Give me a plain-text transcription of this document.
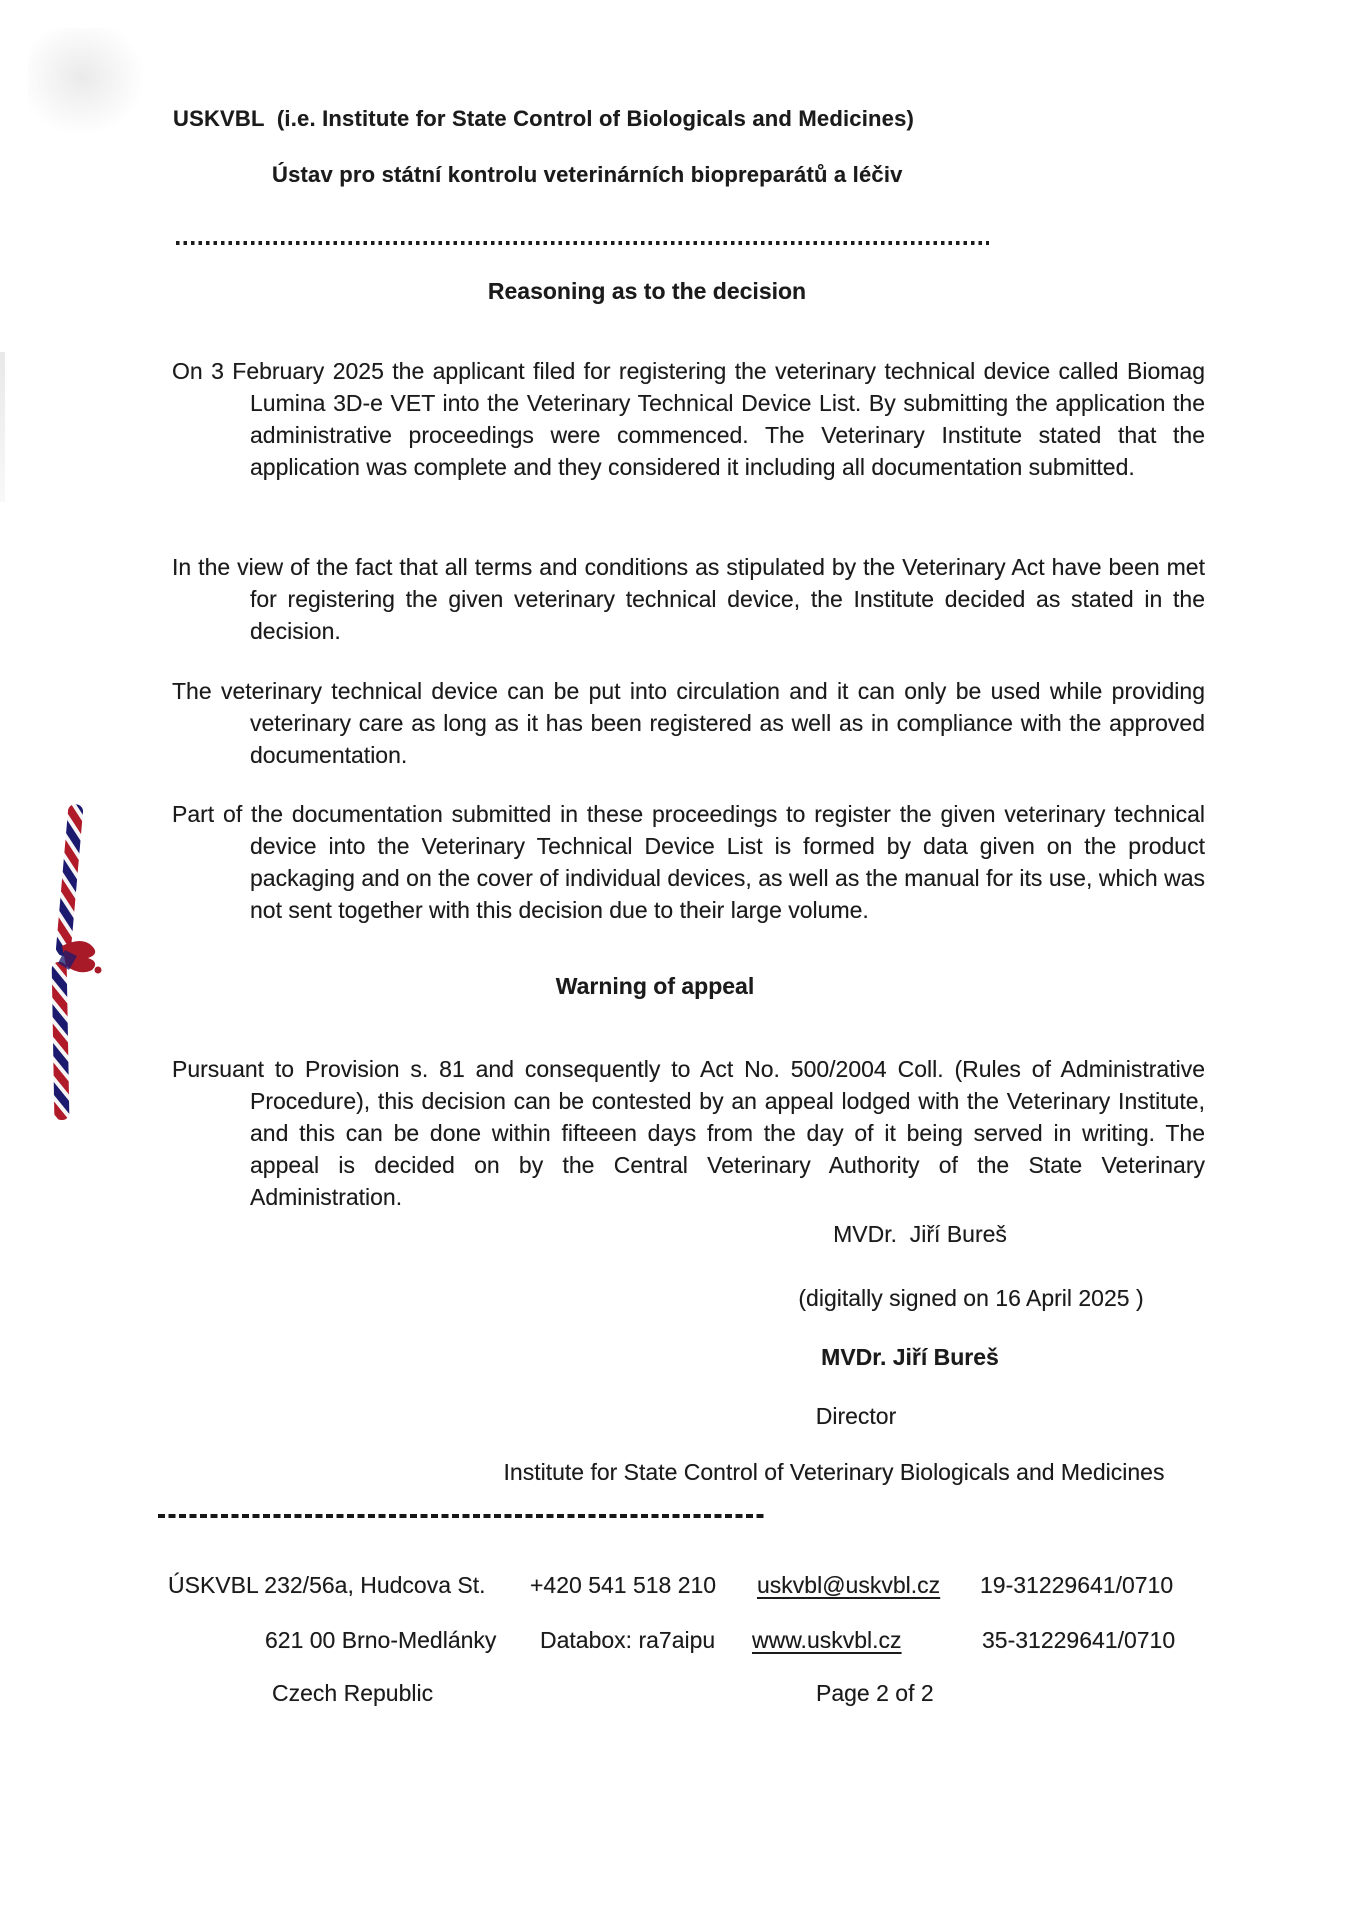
USKVBL  (i.e. Institute for State Control of Biologicals and Medicines)
Ústav pro státní kontrolu veterinárních biopreparátů a léčiv
Reasoning as to the decision

On 3 February 2025 the applicant filed for registering the veterinary technical device called Biomag Lumina 3D-e VET into the Veterinary Technical Device List. By submitting the application the administrative proceedings were commenced. The Veterinary Institute stated that the application was complete and they considered it including all documentation submitted.

In the view of the fact that all terms and conditions as stipulated by the Veterinary Act have been met for registering the given veterinary technical device, the Institute decided as stated in the decision.

The veterinary technical device can be put into circulation and it can only be used while providing veterinary care as long as it has been registered as well as in compliance with the approved documentation.

Part of the documentation submitted in these proceedings to register the given veterinary technical device into the Veterinary Technical Device List is formed by data given on the product packaging and on the cover of individual devices, as well as the manual for its use, which was not sent together with this decision due to their large volume.

Warning of appeal

Pursuant to Provision s. 81 and consequently to Act No. 500/2004 Coll. (Rules of Administrative Procedure), this decision can be contested by an appeal lodged with the Veterinary Institute, and this can be done within fifteeen days from the day of it being served in writing. The appeal is decided on by the Central Veterinary Authority of the State Veterinary Administration.

MVDr.  Jiří Bureš
(digitally signed on 16 April 2025 )
MVDr. Jiří Bureš
Director
Institute for State Control of Veterinary Biologicals and Medicines
ÚSKVBL 232/56a, Hudcova St. +420 541 518 210 uskvbl@uskvbl.cz 19-31229641/0710
621 00 Brno-Medlánky Databox: ra7aipu www.uskvbl.cz	35-31229641/0710
Czech Republic	Page 2 of 2
